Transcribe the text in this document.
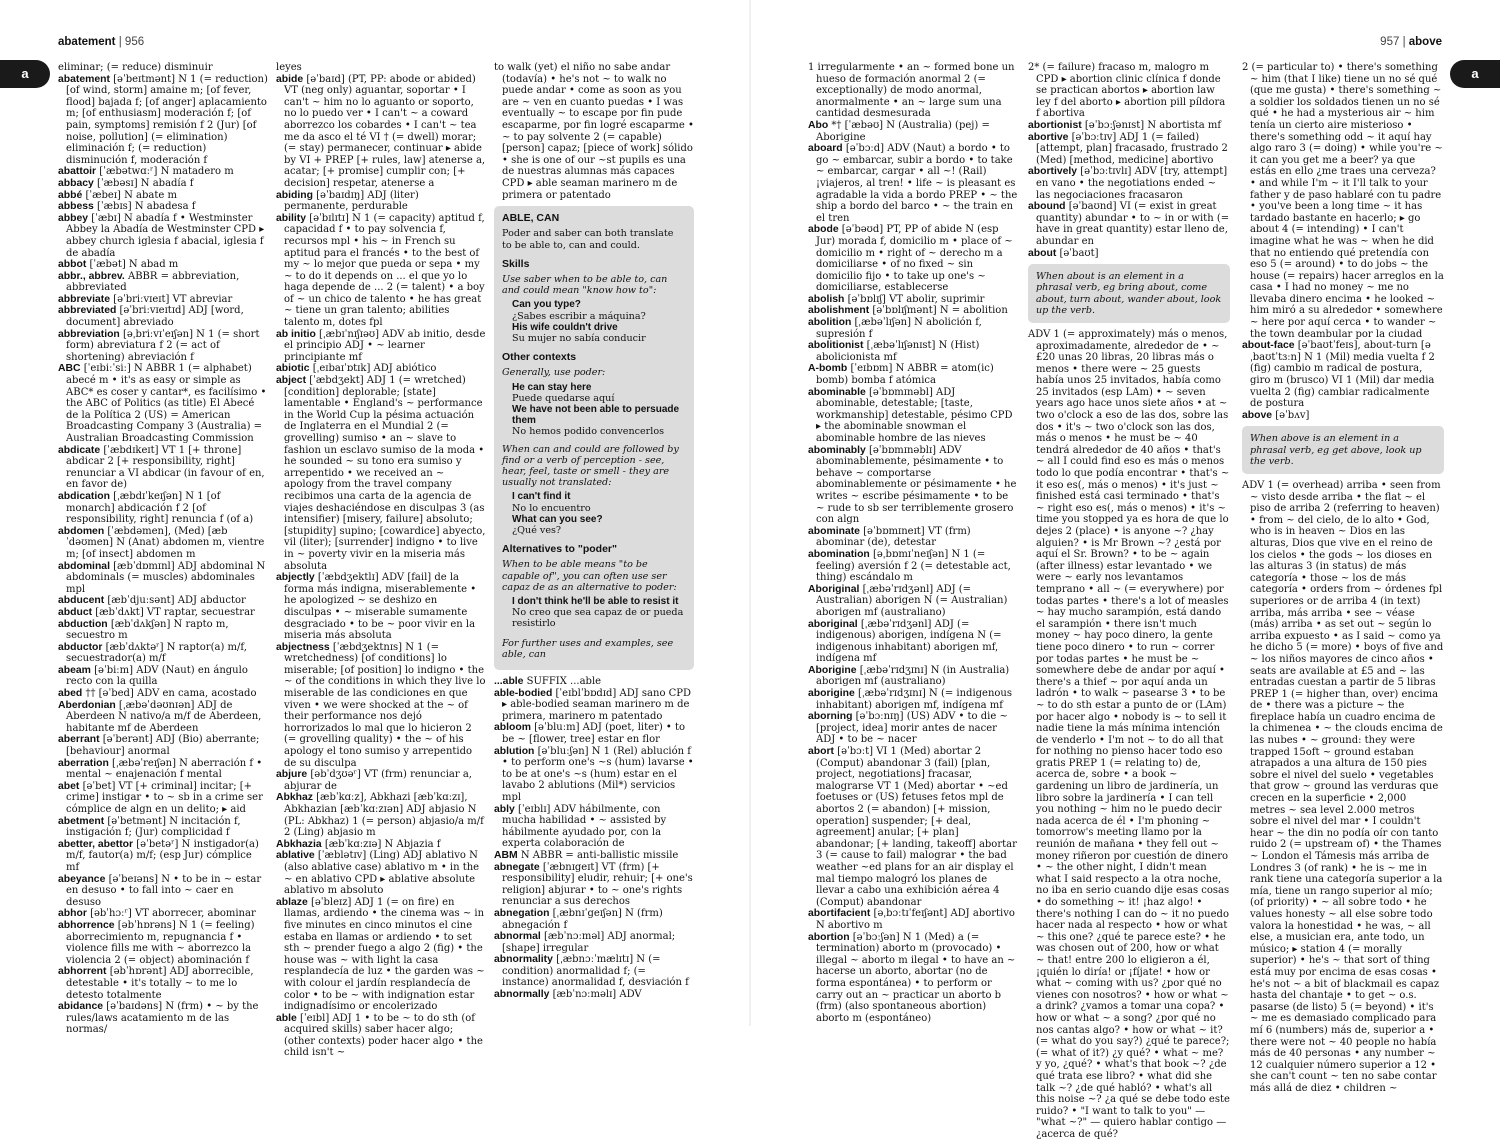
abatement | 956
a	eliminar; (= reduce) disminuir
abatement [əˈbeɪtmənt] N 1 (= reduction) [of wind, storm] amaine m; [of fever, flood] bajada f; [of anger] aplacamiento m; [of enthusiasm] moderación f; [of pain, symptoms] remisión f 2 (Jur) [of noise, pollution] (= elimination) eliminación f; (= reduction) disminución f, moderación f
abattoir [ˈæbətwɑːʳ] N matadero m
abbacy [ˈæbəsɪ] N abadía f
abbé [ˈæbeɪ] N abate m
abbess [ˈæbɪs] N abadesa f
abbey [ˈæbɪ] N abadía f • Westminster Abbey la Abadía de Westminster CPD ▸ abbey church iglesia f abacial, iglesia f de abadía
abbot [ˈæbət] N abad m
abbr., abbrev. ABBR = abbreviation, abbreviated
abbreviate [əˈbriːvɪeɪt] VT abreviar
abbreviated [əˈbriːvɪeɪtɪd] ADJ [word, document] abreviado
abbreviation [əˌbriːvɪˈeɪʃən] N 1 (= short form) abreviatura f 2 (= act of shortening) abreviación f
ABC [ˈeɪbiːˈsiː] N ABBR 1 (= alphabet) abecé m • it's as easy or simple as ABC* es coser y cantar*, es facilísimo • the ABC of Politics (as title) El Abecé de la Política 2 (US) = American Broadcasting Company 3 (Australia) = Australian Broadcasting Commission
abdicate [ˈæbdɪkeɪt] VT 1 [+ throne] abdicar 2 [+ responsibility, right] renunciar a VI abdicar (in favour of en, en favor de)
abdication [ˌæbdɪˈkeɪʃən] N 1 [of monarch] abdicación f 2 [of responsibility, right] renuncia f (of a)
abdomen [ˈæbdəmen], (Med) [æbˈdəʊmen] N (Anat) abdomen m, vientre m; [of insect] abdomen m
abdominal [æbˈdɒmɪnl] ADJ abdominal N abdominals (= muscles) abdominales mpl
abducent [æbˈdjuːsənt] ADJ abductor
abduct [æbˈdʌkt] VT raptar, secuestrar
abduction [æbˈdʌkʃən] N rapto m, secuestro m
abductor [æbˈdʌktəʳ] N raptor(a) m/f, secuestrador(a) m/f
abeam [əˈbiːm] ADV (Naut) en ángulo recto con la quilla
abed †† [əˈbed] ADV en cama, acostado
Aberdonian [ˌæbəˈdəʊnɪən] ADJ de Aberdeen N nativo/a m/f de Aberdeen, habitante mf de Aberdeen
aberrant [əˈberənt] ADJ (Bio) aberrante; [behaviour] anormal
aberration [ˌæbəˈreɪʃən] N aberración f • mental ~ enajenación f mental
abet [əˈbet] VT [+ criminal] incitar; [+ crime] instigar • to ~ sb in a crime ser cómplice de algn en un delito; ▸ aid
abetment [əˈbetmənt] N incitación f, instigación f; (Jur) complicidad f
abetter, abettor [əˈbetəʳ] N instigador(a) m/f, fautor(a) m/f; (esp Jur) cómplice mf
abeyance [əˈbeɪəns] N • to be in ~ estar en desuso • to fall into ~ caer en desuso
abhor [əbˈhɔːʳ] VT aborrecer, abominar
abhorrence [əbˈhɒrəns] N 1 (= feeling) aborrecimiento m, repugnancia f • violence fills me with ~ aborrezco la violencia 2 (= object) abominación f
abhorrent [əbˈhɒrənt] ADJ aborrecible, detestable • it's totally ~ to me lo detesto totalmente
abidance [əˈbaɪdəns] N (frm) • ~ by the rules/laws acatamiento m de las normas/
leyes
abide [əˈbaɪd] (PT, PP: abode or abided) VT (neg only) aguantar, soportar • I can't ~ him no lo aguanto or soporto, no lo puedo ver • I can't ~ a coward aborrezco los cobardes • I can't ~ tea me da asco el té VI † (= dwell) morar; (= stay) permanecer, continuar ▸ abide by VI + PREP [+ rules, law] atenerse a, acatar; [+ promise] cumplir con; [+ decision] respetar, atenerse a
abiding [əˈbaɪdɪŋ] ADJ (liter) permanente, perdurable
ability [əˈbɪlɪtɪ] N 1 (= capacity) aptitud f, capacidad f • to pay solvencia f, recursos mpl • his ~ in French su aptitud para el francés • to the best of my ~ lo mejor que pueda or sepa • my ~ to do it depends on ... el que yo lo haga depende de ... 2 (= talent) • a boy of ~ un chico de talento • he has great ~ tiene un gran talento; abilities talento m, dotes fpl
ab initio [ˌæbɪˈnɪʃɪəʊ] ADV ab initio, desde el principio ADJ • ~ learner principiante mf
abiotic [ˌeɪbaɪˈɒtɪk] ADJ abiótico
abject [ˈæbdʒekt] ADJ 1 (= wretched) [condition] deplorable; [state] lamentable • England's ~ performance in the World Cup la pésima actuación de Inglaterra en el Mundial 2 (= grovelling) sumiso • an ~ slave to fashion un esclavo sumiso de la moda • he sounded ~ su tono era sumiso y arrepentido • we received an ~ apology from the travel company recibimos una carta de la agencia de viajes deshaciéndose en disculpas 3 (as intensifier) [misery, failure] absoluto; [stupidity] supino; [cowardice] abyecto, vil (liter); [surrender] indigno • to live in ~ poverty vivir en la miseria más absoluta
abjectly [ˈæbdʒektlɪ] ADV [fail] de la forma más indigna, miserablemente • he apologized ~ se deshizo en disculpas • ~ miserable sumamente desgraciado • to be ~ poor vivir en la miseria más absoluta
abjectness [ˈæbdʒektnɪs] N 1 (= wretchedness) [of conditions] lo miserable; [of position] lo indigno • the ~ of the conditions in which they live lo miserable de las condiciones en que viven • we were shocked at the ~ of their performance nos dejó horrorizados lo mal que lo hicieron 2 (= grovelling quality) • the ~ of his apology el tono sumiso y arrepentido de su disculpa
abjure [əbˈdʒʊəʳ] VT (frm) renunciar a, abjurar de
Abkhaz [æbˈkɑːz], Abkhazi [æbˈkɑːzɪ], Abkhazian [æbˈkɑːzɪən] ADJ abjasio N (PL: Abkhaz) 1 (= person) abjasio/a m/f 2 (Ling) abjasio m
Abkhazia [æbˈkɑːzɪə] N Abjazia f
ablative [ˈæblətɪv] (Ling) ADJ ablativo N (also ablative case) ablativo m • in the ~ en ablativo CPD ▸ ablative absolute ablativo m absoluto
ablaze [əˈbleɪz] ADJ 1 (= on fire) en llamas, ardiendo • the cinema was ~ in five minutes en cinco minutos el cine estaba en llamas or ardiendo • to set sth ~ prender fuego a algo 2 (fig) • the house was ~ with light la casa resplandecía de luz • the garden was ~ with colour el jardín resplandecía de color • to be ~ with indignation estar indignadísimo or encolerizado
able [ˈeɪbl] ADJ 1 • to be ~ to do sth (of acquired skills) saber hacer algo; (other contexts) poder hacer algo • the child isn't ~
to walk (yet) el niño no sabe andar (todavía) • he's not ~ to walk no puede andar • come as soon as you are ~ ven en cuanto puedas • I was eventually ~ to escape por fin pude escaparme, por fin logré escaparme • ~ to pay solvente 2 (= capable) [person] capaz; [piece of work] sólido • she is one of our ~st pupils es una de nuestras alumnas más capaces CPD ▸ able seaman marinero m de primera or patentado
ABLE, CAN

Poder and saber can both translate to be able to, can and could.

Skills

Use saber when to be able to, can and could mean "know how to":

Can you type?
¿Sabes escribir a máquina?
His wife couldn't drive
Su mujer no sabía conducir
Other contexts

Generally, use poder:

He can stay here
Puede quedarse aquí
We have not been able to persuade them
No hemos podido convencerlos

When can and could are followed by find or a verb of perception - see, hear, feel, taste or smell - they are usually not translated:

I can't find it
No lo encuentro
What can you see?
¿Qué ves?
Alternatives to "poder"

When to be able means "to be capable of", you can often use ser capaz de as an alternative to poder:

I don't think he'll be able to resist it
No creo que sea capaz de or pueda resistirlo

For further uses and examples, see able, can

...able SUFFIX ...able
able-bodied [ˈeɪblˈbɒdɪd] ADJ sano CPD ▸ able-bodied seaman marinero m de primera, marinero m patentado
abloom [əˈbluːm] ADJ (poet, liter) • to be ~ [flower, tree] estar en flor
ablution [əˈbluːʃən] N 1 (Rel) ablución f • to perform one's ~s (hum) lavarse • to be at one's ~s (hum) estar en el lavabo 2 ablutions (Mil*) servicios mpl
ably [ˈeɪblɪ] ADV hábilmente, con mucha habilidad • ~ assisted by hábilmente ayudado por, con la experta colaboración de
ABM N ABBR = anti-ballistic missile
abnegate [ˈæbnɪgeɪt] VT (frm) [+ responsibility] eludir, rehuir; [+ one's religion] abjurar • to ~ one's rights renunciar a sus derechos
abnegation [ˌæbnɪˈgeɪʃən] N (frm) abnegación f
abnormal [æbˈnɔːməl] ADJ anormal; [shape] irregular
abnormality [ˌæbnɔːˈmælɪtɪ] N (= condition) anormalidad f; (= instance) anormalidad f, desviación f
abnormally [æbˈnɔːməlɪ] ADV
957 | above
a
1 irregularmente • an ~ formed bone un hueso de formación anormal 2 (= exceptionally) de modo anormal, anormalmente • an ~ large sum una cantidad desmesurada
Abo *† [ˈæbəʊ] N (Australia) (pej) = Aborigine
aboard [əˈbɔːd] ADV (Naut) a bordo • to go ~ embarcar, subir a bordo • to take ~ embarcar, cargar • all ~! (Rail) ¡viajeros, al tren! • life ~ is pleasant es agradable la vida a bordo PREP • ~ the ship a bordo del barco • ~ the train en el tren
abode [əˈbəʊd] PT, PP of abide N (esp Jur) morada f, domicilio m • place of ~ domicilio m • right of ~ derecho m a domiciliarse • of no fixed ~ sin domicilio fijo • to take up one's ~ domiciliarse, establecerse
abolish [əˈbɒlɪʃ] VT abolir, suprimir
abolishment [əˈbɒlɪʃmənt] N = abolition
abolition [ˌæbəˈlɪʃən] N abolición f, supresión f
abolitionist [ˌæbəˈlɪʃənɪst] N (Hist) abolicionista mf
A-bomb [ˈeɪbɒm] N ABBR = atom(ic) bomb) bomba f atómica
abominable [əˈbɒmɪnəbl] ADJ abominable, detestable; [taste, workmanship] detestable, pésimo CPD ▸ the abominable snowman el abominable hombre de las nieves
abominably [əˈbɒmɪnəblɪ] ADV abominablemente, pésimamente • to behave ~ comportarse abominablemente or pésimamente • he writes ~ escribe pésimamente • to be ~ rude to sb ser terriblemente grosero con algn
abominate [əˈbɒmɪneɪt] VT (frm) abominar (de), detestar
abomination [əˌbɒmɪˈneɪʃən] N 1 (= feeling) aversión f 2 (= detestable act, thing) escándalo m
Aboriginal [ˌæbəˈrɪdʒənl] ADJ (= Australian) aborigen N (= Australian) aborigen mf (australiano)
aboriginal [ˌæbəˈrɪdʒənl] ADJ (= indigenous) aborigen, indígena N (= indigenous inhabitant) aborigen mf, indígena mf
Aborigine [ˌæbəˈrɪdʒɪnɪ] N (in Australia) aborigen mf (australiano)
aborigine [ˌæbəˈrɪdʒɪnɪ] N (= indigenous inhabitant) aborigen mf, indígena mf
aborning [əˈbɔːnɪŋ] (US) ADV • to die ~ [project, idea] morir antes de nacer ADJ • to be ~ nacer
abort [əˈbɔːt] VI 1 (Med) abortar 2 (Comput) abandonar 3 (fail) [plan, project, negotiations] fracasar, malograrse VT 1 (Med) abortar • ~ed foetuses or (US) fetuses fetos mpl de abortos 2 (= abandon) [+ mission, operation] suspender; [+ deal, agreement] anular; [+ plan] abandonar; [+ landing, takeoff] abortar 3 (= cause to fail) malograr • the bad weather ~ed plans for an air display el mal tiempo malogró los planes de llevar a cabo una exhibición aérea 4 (Comput) abandonar
abortifacient [əˌbɔːtɪˈfeɪʃənt] ADJ abortivo N abortivo m
abortion [əˈbɔːʃən] N 1 (Med) a (= termination) aborto m (provocado) • illegal ~ aborto m ilegal • to have an ~ hacerse un aborto, abortar (no de forma espontánea) • to perform or carry out an ~ practicar un aborto b (frm) (also spontaneous abortion) aborto m (espontáneo)
2* (= failure) fracaso m, malogro m CPD ▸ abortion clinic clínica f donde se practican abortos ▸ abortion law ley f del aborto ▸ abortion pill píldora f abortiva
abortionist [əˈbɔːʃənɪst] N abortista mf
abortive [əˈbɔːtɪv] ADJ 1 (= failed) [attempt, plan] fracasado, frustrado 2 (Med) [method, medicine] abortivo
abortively [əˈbɔːtɪvlɪ] ADV [try, attempt] en vano • the negotiations ended ~ las negociaciones fracasaron
abound [əˈbaʊnd] VI (= exist in great quantity) abundar • to ~ in or with (= have in great quantity) estar lleno de, abundar en
about [əˈbaʊt]
When about is an element in a phrasal verb, eg bring about, come about, turn about, wander about, look up the verb.
ADV 1 (= approximately) más o menos, aproximadamente, alrededor de • ~ £20 unas 20 libras, 20 libras más o menos • there were ~ 25 guests había unos 25 invitados, había como 25 invitados (esp LAm) • ~ seven years ago hace unos siete años • at ~ two o'clock a eso de las dos, sobre las dos • it's ~ two o'clock son las dos, más o menos • he must be ~ 40 tendrá alrededor de 40 años • that's ~ all I could find eso es más o menos todo lo que podía encontrar • that's ~ it eso es(, más o menos) • it's just ~ finished está casi terminado • that's ~ right eso es(, más o menos) • it's ~ time you stopped ya es hora de que lo dejes 2 (place) • is anyone ~? ¿hay alguien? • is Mr Brown ~? ¿está por aquí el Sr. Brown? • to be ~ again (after illness) estar levantado • we were ~ early nos levantamos temprano • all ~ (= everywhere) por todas partes • there's a lot of measles ~ hay mucho sarampión, está dando el sarampión • there isn't much money ~ hay poco dinero, la gente tiene poco dinero • to run ~ correr por todas partes • he must be ~ somewhere debe de andar por aquí • there's a thief ~ por aquí anda un ladrón • to walk ~ pasearse 3 • to be ~ to do sth estar a punto de or (LAm) por hacer algo • nobody is ~ to sell it nadie tiene la más mínima intención de venderlo • I'm not ~ to do all that for nothing no pienso hacer todo eso gratis PREP 1 (= relating to) de, acerca de, sobre • a book ~ gardening un libro de jardinería, un libro sobre la jardinería • I can tell you nothing ~ him no le puedo decir nada acerca de él • I'm phoning ~ tomorrow's meeting llamo por la reunión de mañana • they fell out ~ money riñeron por cuestión de dinero • ~ the other night, I didn't mean what I said respecto a la otra noche, no iba en serio cuando dije esas cosas • do something ~ it! ¡haz algo! • there's nothing I can do ~ it no puedo hacer nada al respecto • how or what ~ this one? ¿qué te parece este? • he was chosen out of 200, how or what ~ that! entre 200 lo eligieron a él, ¡quién lo diría! or ¡fíjate! • how or what ~ coming with us? ¿por qué no vienes con nosotros? • how or what ~ a drink? ¿vamos a tomar una copa? • how or what ~ a song? ¿por qué no nos cantas algo? • how or what ~ it? (= what do you say?) ¿qué te parece?; (= what of it?) ¿y qué? • what ~ me? y yo, ¿qué? • what's that book ~? ¿de qué trata ese libro? • what did she talk ~? ¿de qué habló? • what's all this noise ~? ¿a qué se debe todo este ruido? • "I want to talk to you" — "what ~?" — quiero hablar contigo —¿acerca de qué?
2 (= particular to) • there's something ~ him (that I like) tiene un no sé qué (que me gusta) • there's something ~ a soldier los soldados tienen un no sé qué • he had a mysterious air ~ him tenía un cierto aire misterioso • there's something odd ~ it aquí hay algo raro 3 (= doing) • while you're ~ it can you get me a beer? ya que estás en ello ¿me traes una cerveza? • and while I'm ~ it I'll talk to your father y de paso hablaré con tu padre • you've been a long time ~ it has tardado bastante en hacerlo; ▸ go about 4 (= intending) • I can't imagine what he was ~ when he did that no entiendo qué pretendía con eso 5 (= around) • to do jobs ~ the house (= repairs) hacer arreglos en la casa • I had no money ~ me no llevaba dinero encima • he looked ~ him miró a su alrededor • somewhere ~ here por aquí cerca • to wander ~ the town deambular por la ciudad
about-face [əˈbaʊtˈfeɪs], about-turn [əˌbaʊtˈtɜːn] N 1 (Mil) media vuelta f 2 (fig) cambio m radical de postura, giro m (brusco) VI 1 (Mil) dar media vuelta 2 (fig) cambiar radicalmente de postura
above [əˈbʌv]
When above is an element in a phrasal verb, eg get above, look up the verb.
ADV 1 (= overhead) arriba • seen from ~ visto desde arriba • the flat ~ el piso de arriba 2 (referring to heaven) • from ~ del cielo, de lo alto • God, who is in heaven ~ Dios en las alturas, Dios que vive en el reino de los cielos • the gods ~ los dioses en las alturas 3 (in status) de más categoría • those ~ los de más categoría • orders from ~ órdenes fpl superiores or de arriba 4 (in text) arriba, más arriba • see ~ véase (más) arriba • as set out ~ según lo arriba expuesto • as I said ~ como ya he dicho 5 (= more) • boys of five and ~ los niños mayores de cinco años • seats are available at £5 and ~ las entradas cuestan a partir de 5 libras PREP 1 (= higher than, over) encima de • there was a picture ~ the fireplace había un cuadro encima de la chimenea • ~ the clouds encima de las nubes • ~ ground: they were trapped 15oft ~ ground estaban atrapados a una altura de 150 pies sobre el nivel del suelo • vegetables that grow ~ ground las verduras que crecen en la superficie • 2,000 metres ~ sea level 2.000 metros sobre el nivel del mar • I couldn't hear ~ the din no podía oír con tanto ruido 2 (= upstream of) • the Thames ~ London el Támesis más arriba de Londres 3 (of rank) • he is ~ me in rank tiene una categoría superior a la mía, tiene un rango superior al mío; (of priority) • ~ all sobre todo • he values honesty ~ all else sobre todo valora la honestidad • he was, ~ all else, a musician era, ante todo, un músico; ▸ station 4 (= morally superior) • he's ~ that sort of thing está muy por encima de esas cosas • he's not ~ a bit of blackmail es capaz hasta del chantaje • to get ~ o.s. pasarse (de listo) 5 (= beyond) • it's ~ me es demasiado complicado para mí 6 (numbers) más de, superior a • there were not ~ 40 people no había más de 40 personas • any number ~ 12 cualquier número superior a 12 • she can't count ~ ten no sabe contar más allá de diez • children ~
